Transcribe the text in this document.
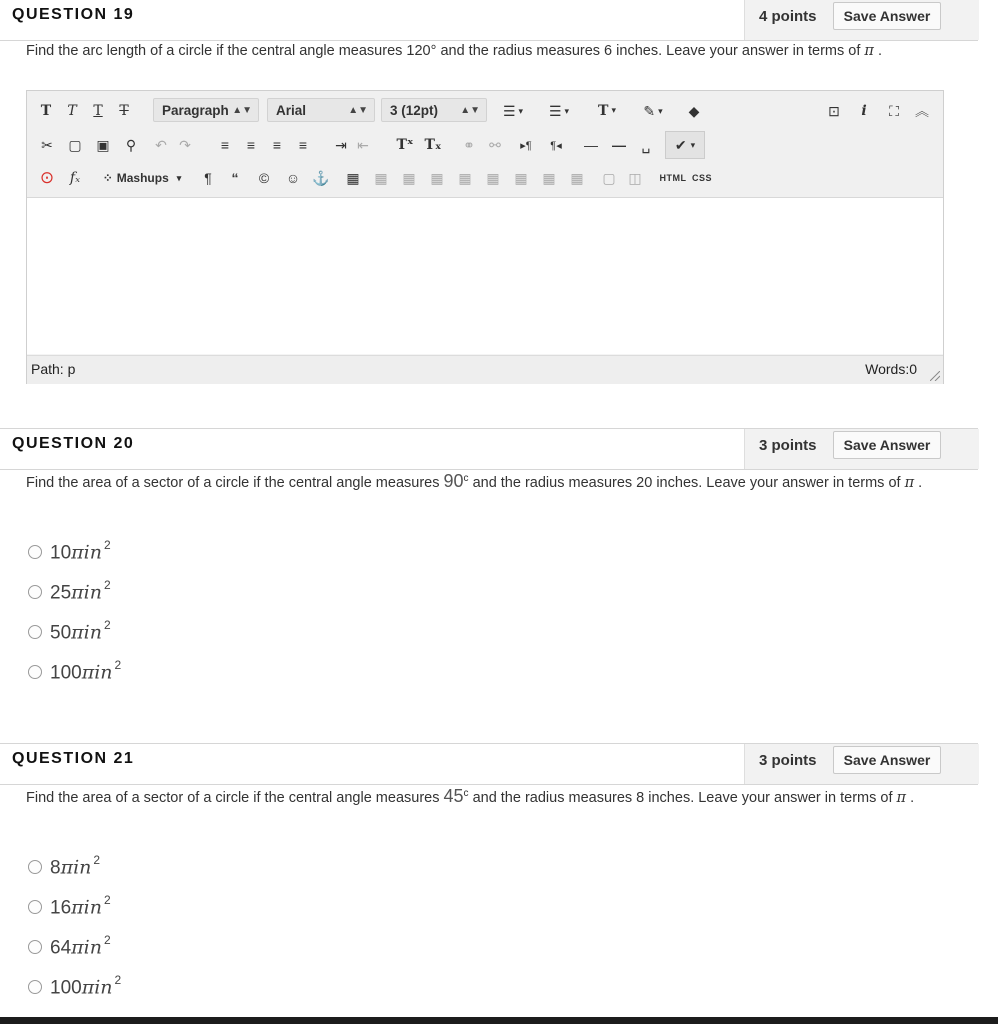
QUESTION 19	4 points	Save Answer
Find the arc length of a circle if the central angle measures 120° and the radius measures 6 inches. Leave your answer in terms of π .
T	T	T	T	Paragraph ▲▼	Arial	▲▼	3 (12pt) ▲▼	☰ ▾	☰ ▾	T ▾	✎ ▾	◆	⊡	i	⛶	︽
✂ ▢ ▣	⚲	↶ ↷	≡	≡	≡	≡	⇥ ⇤ Tˣ Tₓ ⚭ ⚯	▸¶	¶◂	— —	␣	✔ ▾
⊙	fₓ	⁘ Mashups ▾	¶	“	© ☺ ⚓ ▦ ▦ ▦ ▦ ▦ ▦ ▦ ▦ ▦ ▢ ◫	HTML CSS
Path: p	Words:0
QUESTION 20	3 points	Save Answer
Find the area of a sector of a circle if the central angle measures 90$^c$ and the radius measures 20 inches. Leave your answer in terms of π .
10πin $^2$
25πin $^2$
50πin $^2$
100πin $^2$
QUESTION 21	3 points	Save Answer
Find the area of a sector of a circle if the central angle measures 45$^c$ and the radius measures 8 inches. Leave your answer in terms of π .
8πin $^2$
16πin $^2$
64πin $^2$
100πin $^2$
